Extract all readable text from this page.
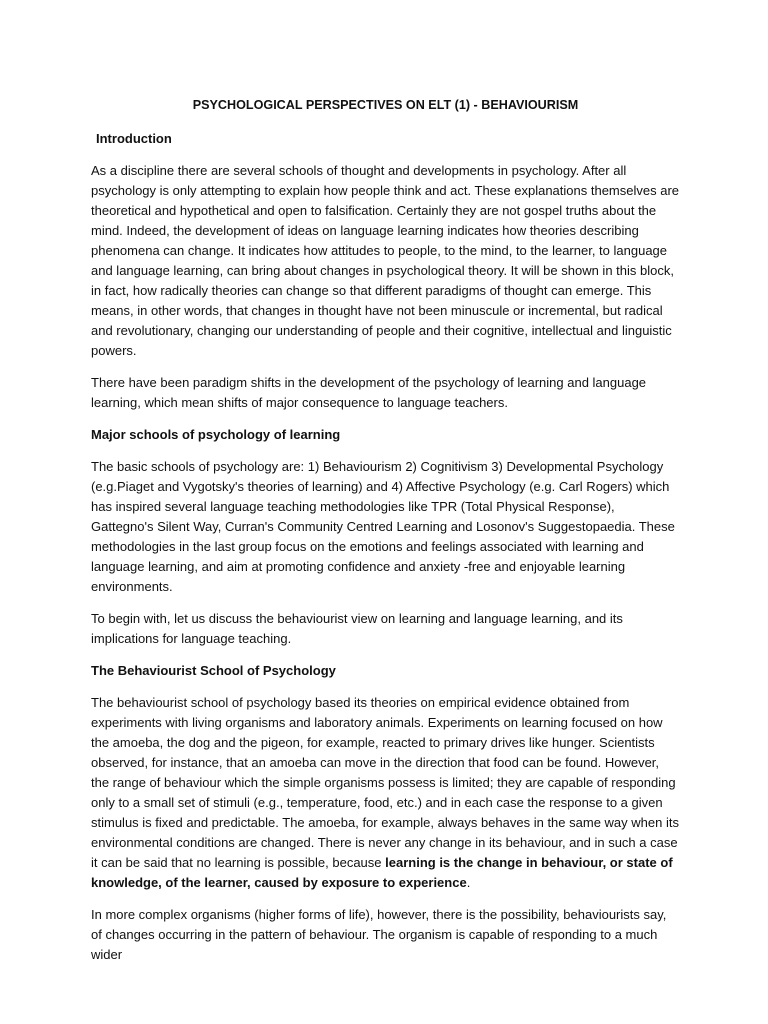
PSYCHOLOGICAL PERSPECTIVES ON ELT (1) - BEHAVIOURISM
Introduction

As a discipline there are several schools of thought and developments in psychology. After all psychology is only attempting to explain how people think and act. These explanations themselves are theoretical and hypothetical and open to falsification. Certainly they are not gospel truths about the mind. Indeed, the development of ideas on language learning indicates how theories describing phenomena can change. It indicates how attitudes to people, to the mind, to the learner, to language and language learning, can bring about changes in psychological theory. It will be shown in this block, in fact, how radically theories can change so that different paradigms of thought can emerge. This means, in other words, that changes in thought have not been minuscule or incremental, but radical and revolutionary, changing our understanding of people and their cognitive, intellectual and linguistic powers.

There have been paradigm shifts in the development of the psychology of learning and language learning, which mean shifts of major consequence to language teachers.

Major schools of psychology of learning

The basic schools of psychology are: 1) Behaviourism 2) Cognitivism 3) Developmental Psychology (e.g.Piaget and Vygotsky's theories of learning) and 4) Affective Psychology (e.g. Carl Rogers) which has inspired several language teaching methodologies like TPR (Total Physical Response), Gattegno's Silent Way, Curran's Community Centred Learning and Losonov's Suggestopaedia. These methodologies in the last group focus on the emotions and feelings associated with learning and language learning, and aim at promoting confidence and anxiety -free and enjoyable learning environments.

To begin with, let us discuss the behaviourist view on learning and language learning, and its implications for language teaching.

The Behaviourist School of Psychology

The behaviourist school of psychology based its theories on empirical evidence obtained from experiments with living organisms and laboratory animals. Experiments on learning focused on how the amoeba, the dog and the pigeon, for example, reacted to primary drives like hunger. Scientists observed, for instance, that an amoeba can move in the direction that food can be found. However, the range of behaviour which the simple organisms possess is limited; they are capable of responding only to a small set of stimuli (e.g., temperature, food, etc.) and in each case the response to a given stimulus is fixed and predictable. The amoeba, for example, always behaves in the same way when its environmental conditions are changed. There is never any change in its behaviour, and in such a case it can be said that no learning is possible, because learning is the change in behaviour, or state of knowledge, of the learner, caused by exposure to experience.

In more complex organisms (higher forms of life), however, there is the possibility, behaviourists say, of changes occurring in the pattern of behaviour. The organism is capable of responding to a much wider
